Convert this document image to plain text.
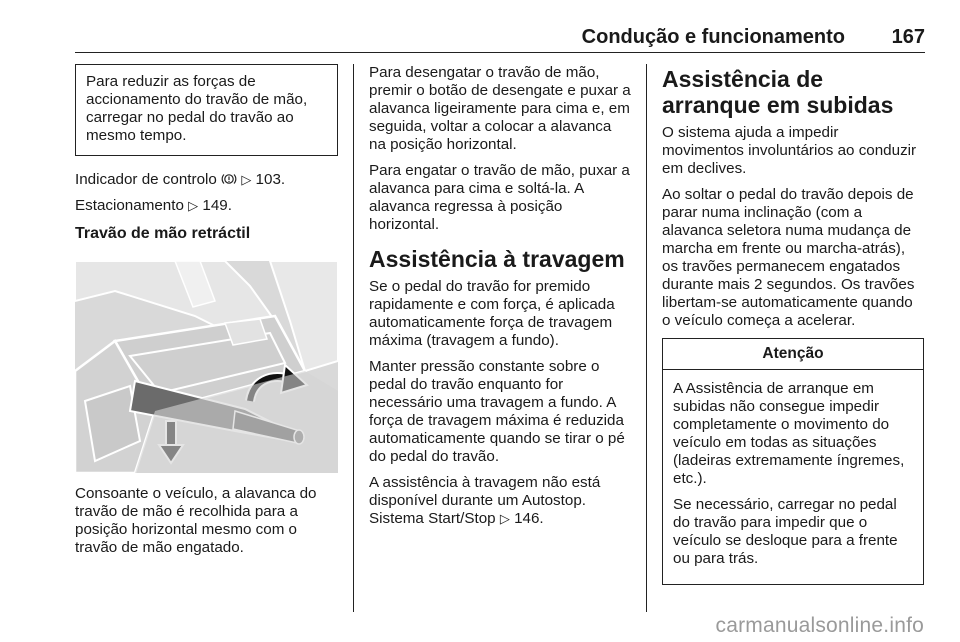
Condução e funcionamento 167

Para reduzir as forças de accionamento do travão de mão, carregar no pedal do travão ao mesmo tempo.

Indicador de controlo ▷ 103.

Estacionamento ▷ 149.

Travão de mão retráctil

Consoante o veículo, a alavanca do travão de mão é recolhida para a posição horizontal mesmo com o travão de mão engatado.

Para desengatar o travão de mão, premir o botão de desengate e puxar a alavanca ligeiramente para cima e, em seguida, voltar a colocar a alavanca na posição horizontal.

Para engatar o travão de mão, puxar a alavanca para cima e soltá-la. A alavanca regressa à posição horizontal.

Assistência à travagem

Se o pedal do travão for premido rapidamente e com força, é aplicada automaticamente força de travagem máxima (travagem a fundo).

Manter pressão constante sobre o pedal do travão enquanto for necessário uma travagem a fundo. A força de travagem máxima é reduzida automaticamente quando se tirar o pé do pedal do travão.

A assistência à travagem não está disponível durante um Autostop. Sistema Start/Stop ▷ 146.

Assistência de arranque em subidas

O sistema ajuda a impedir movimentos involuntários ao conduzir em declives.

Ao soltar o pedal do travão depois de parar numa inclinação (com a alavanca seletora numa mudança de marcha em frente ou marcha-atrás), os travões permanecem engatados durante mais 2 segundos. Os travões libertam-se automaticamente quando o veículo começa a acelerar.

Atenção

A Assistência de arranque em subidas não consegue impedir completamente o movimento do veículo em todas as situações (ladeiras extremamente íngremes, etc.).

Se necessário, carregar no pedal do travão para impedir que o veículo se desloque para a frente ou para trás.

carmanualsonline.info
